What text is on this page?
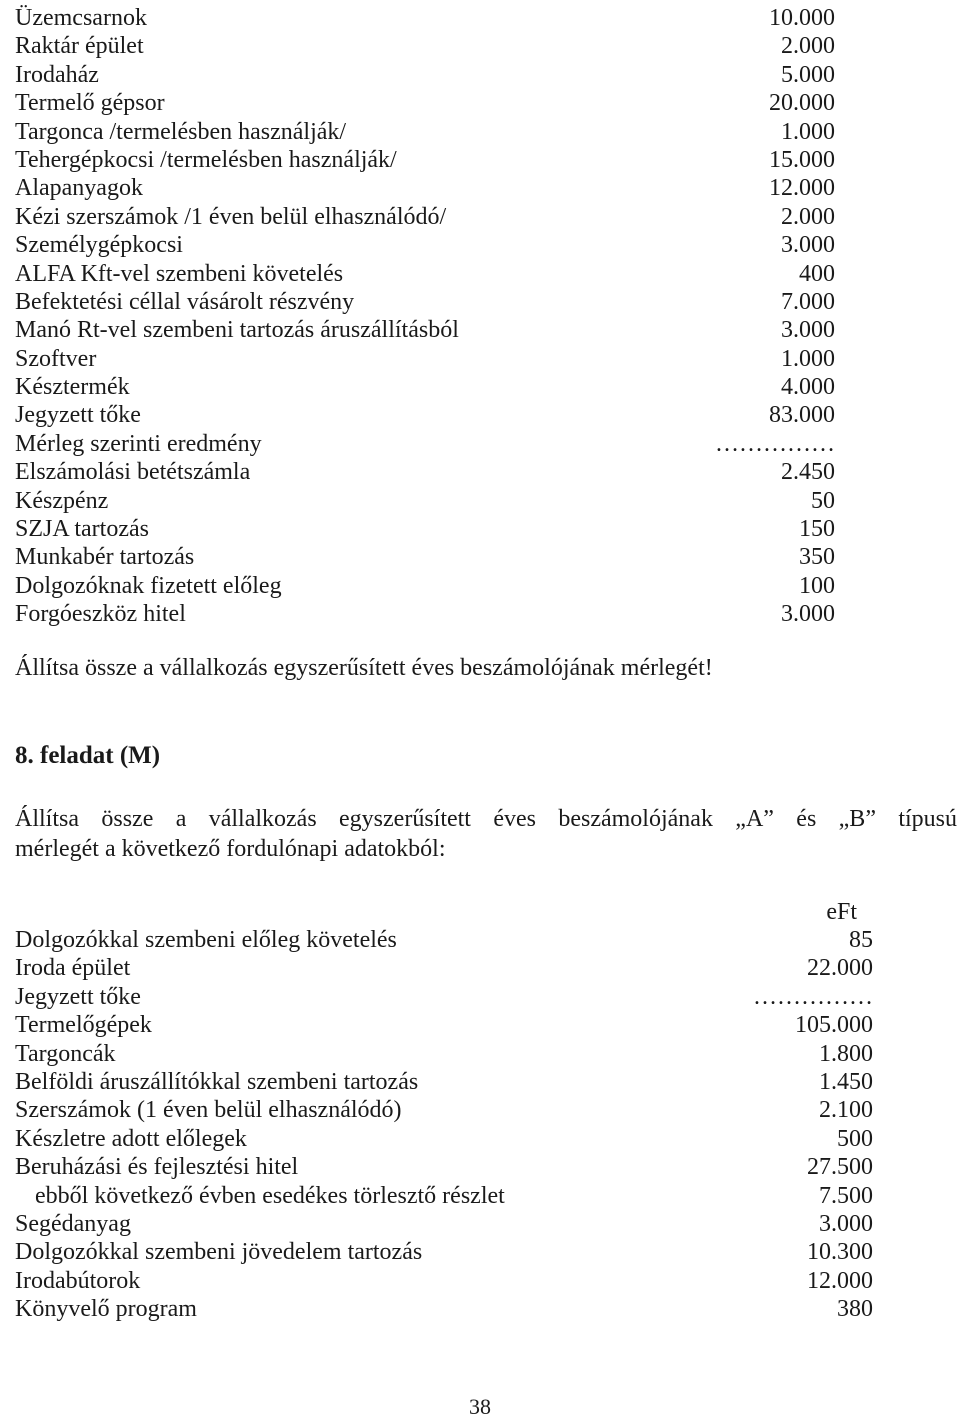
Üzemcsarnok	10.000
Raktár épület	2.000
Irodaház	5.000
Termelő gépsor	20.000
Targonca /termelésben használják/	1.000
Tehergépkocsi /termelésben használják/	15.000
Alapanyagok	12.000
Kézi szerszámok /1 éven belül elhasználódó/	2.000
Személygépkocsi	3.000
ALFA Kft-vel szembeni követelés	400
Befektetési céllal vásárolt részvény	7.000
Manó Rt-vel szembeni tartozás áruszállításból	3.000
Szoftver	1.000
Késztermék	4.000
Jegyzett tőke	83.000
Mérleg szerinti eredmény	……………
Elszámolási betétszámla	2.450
Készpénz	50
SZJA tartozás	150
Munkabér tartozás	350
Dolgozóknak fizetett előleg	100
Forgóeszköz hitel	3.000
Állítsa össze a vállalkozás egyszerűsített éves beszámolójának mérlegét!
8. feladat (M)
Állítsa össze a vállalkozás egyszerűsített éves beszámolójának „A” és „B” típusú
mérlegét a következő fordulónapi adatokból:
eFt
Dolgozókkal szembeni előleg követelés	85
Iroda épület	22.000
Jegyzett tőke	……………
Termelőgépek	105.000
Targoncák	1.800
Belföldi áruszállítókkal szembeni tartozás	1.450
Szerszámok (1 éven belül elhasználódó)	2.100
Készletre adott előlegek	500
Beruházási és fejlesztési hitel	27.500
ebből következő évben esedékes törlesztő részlet	7.500
Segédanyag	3.000
Dolgozókkal szembeni jövedelem tartozás	10.300
Irodabútorok	12.000
Könyvelő program	380
38
